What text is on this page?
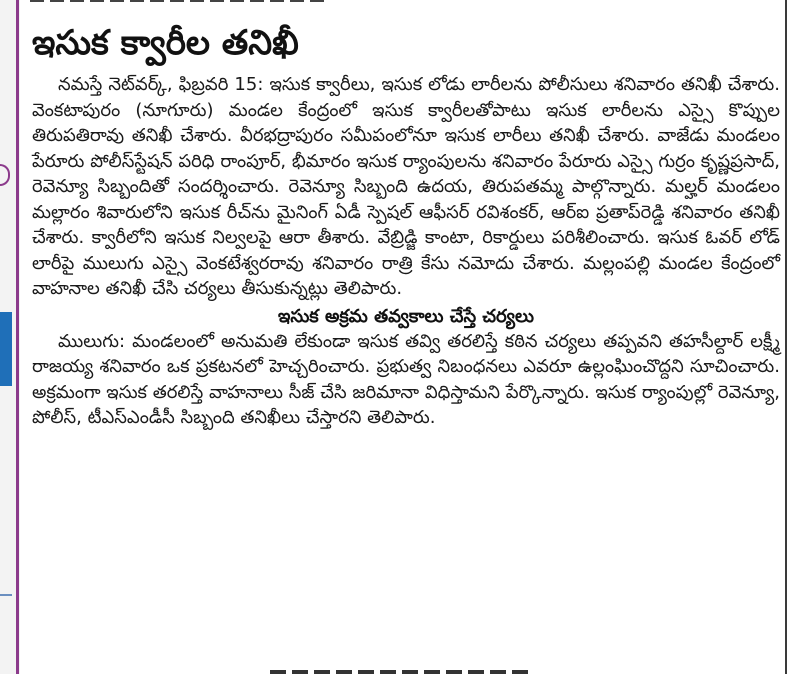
ఇసుక క్వారీల తనిఖీ

నమస్తే నెట్‌వర్క్, ఫిబ్రవరి 15: ఇసుక క్వారీలు, ఇసుక లోడు లారీలను పోలీసులు శనివారం తనిఖీ చేశారు. వెంకటాపురం (నూగూరు) మండల కేంద్రంలో ఇసుక క్వారీలతోపాటు ఇసుక లారీలను ఎస్సై కొప్పుల తిరుపతిరావు తనిఖీ చేశారు. వీరభద్రాపురం సమీపంలోనూ ఇసుక లారీలు తనిఖీ చేశారు. వాజేడు మండలం పేరూరు పోలీస్‌స్టేషన్ పరిధి రాంపూర్, భీమారం ఇసుక ర్యాంపులను శనివారం పేరూరు ఎస్సై గుర్రం కృష్ణప్రసాద్, రెవెన్యూ సిబ్బందితో సందర్శించారు. రెవెన్యూ సిబ్బంది ఉదయ, తిరుపతమ్మ పాల్గొన్నారు. మల్హర్ మండలం మల్లారం శివారులోని ఇసుక రీచ్‌ను మైనింగ్ ఏడీ స్పెషల్ ఆఫీసర్ రవిశంకర్, ఆర్ఐ ప్రతాప్‌రెడ్డి శనివారం తనిఖీ చేశారు. క్వారీలోని ఇసుక నిల్వలపై ఆరా తీశారు. వేబ్రిడ్జి కాంటా, రికార్డులు పరిశీలించారు. ఇసుక ఓవర్ లోడ్ లారీపై ములుగు ఎస్సై వెంకటేశ్వరరావు శనివారం రాత్రి కేసు నమోదు చేశారు. మల్లంపల్లి మండల కేంద్రంలో వాహనాల తనిఖీ చేసి చర్యలు తీసుకున్నట్లు తెలిపారు.

ఇసుక అక్రమ తవ్వకాలు చేస్తే చర్యలు

ములుగు: మండలంలో అనుమతి లేకుండా ఇసుక తవ్వి తరలిస్తే కఠిన చర్యలు తప్పవని తహసీల్దార్ లక్ష్మీ రాజయ్య శనివారం ఒక ప్రకటనలో హెచ్చరించారు. ప్రభుత్వ నిబంధనలు ఎవరూ ఉల్లంఘించొద్దని సూచించారు. అక్రమంగా ఇసుక తరలిస్తే వాహనాలు సీజ్ చేసి జరిమానా విధిస్తామని పేర్కొన్నారు. ఇసుక ర్యాంపుల్లో రెవెన్యూ, పోలీస్, టీఎస్ఎండీసీ సిబ్బంది తనిఖీలు చేస్తారని తెలిపారు.
